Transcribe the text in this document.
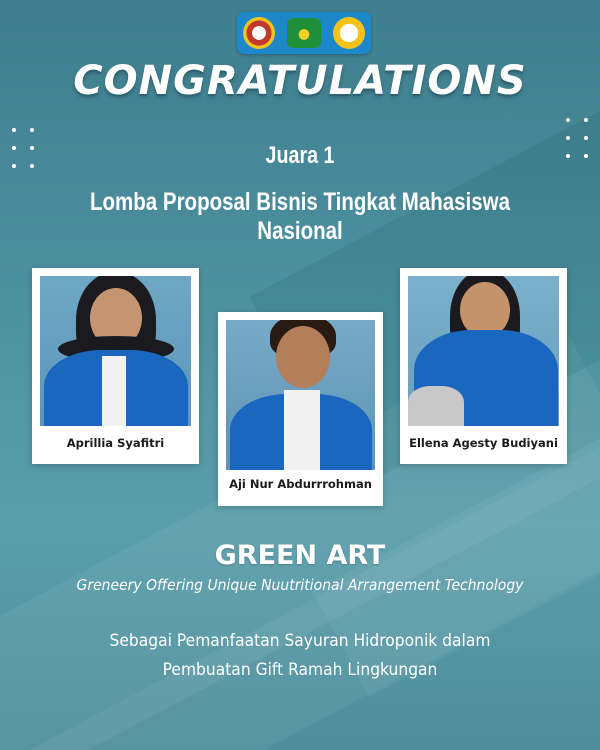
CONGRATULATIONS
Juara 1
Lomba Proposal Bisnis Tingkat Mahasiswa Nasional
Aprillia Syafitri
Aji Nur Abdurrrohman
Ellena Agesty Budiyani
GREEN ART
Greneery Offering Unique Nuutritional Arrangement Technology
Sebagai Pemanfaatan Sayuran Hidroponik dalam
Pembuatan Gift Ramah Lingkungan
